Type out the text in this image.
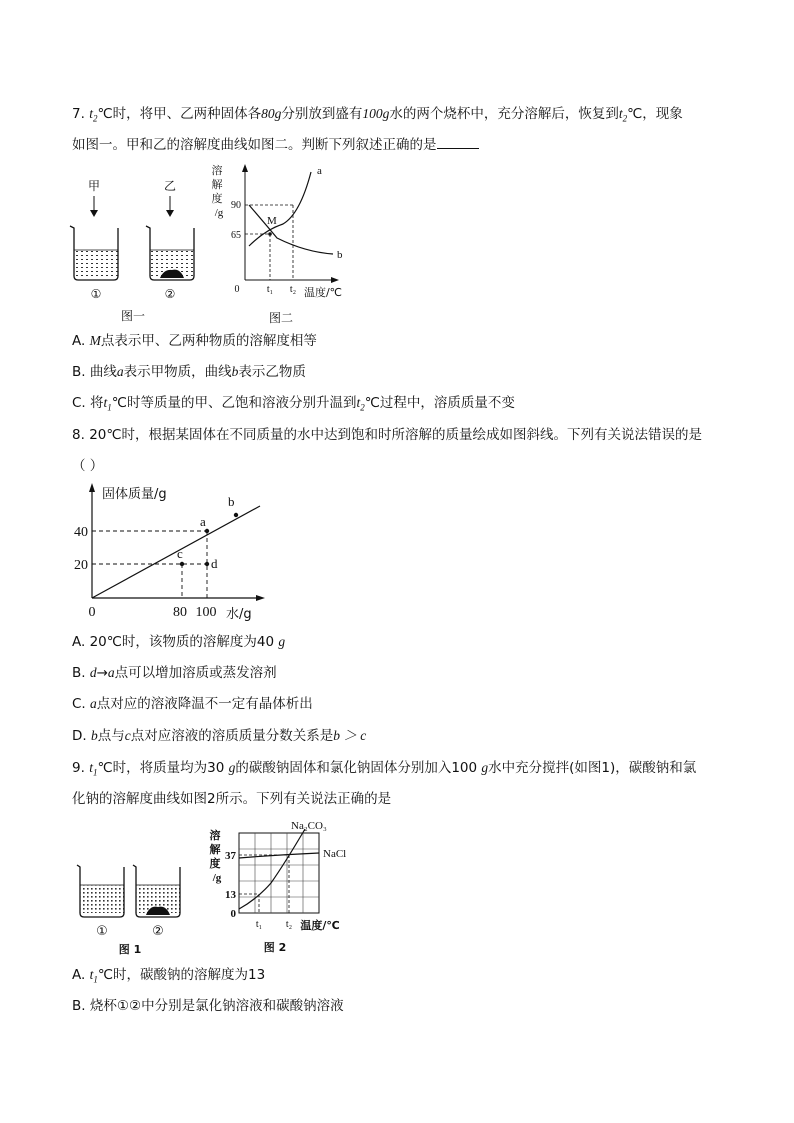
7. $t_2℃$时，将甲、乙两种固体各80g分别放到盛有100g水的两个烧杯中，充分溶解后，恢复到$t_2℃$，现象
如图一。甲和乙的溶解度曲线如图二。判断下列叙述正确的是
甲	乙
①	②
图一
溶
解
度
/g
M
a
b
90
65
0	t₁ t₂ 温度/℃
图二
A. M点表示甲、乙两种物质的溶解度相等
B. 曲线a表示甲物质，曲线b表示乙物质
C. 将$t_1℃$时等质量的甲、乙饱和溶液分别升温到$t_2℃$过程中，溶质质量不变
8. 20℃时，根据某固体在不同质量的水中达到饱和时所溶解的质量绘成如图斜线。下列有关说法错误的是
（ ）
固体质量/g
水/g
a
b
c
d
40
20
0	80 100
A. 20℃时，该物质的溶解度为40 g
B. d→a点可以增加溶质或蒸发溶剂
C. a点对应的溶液降温不一定有晶体析出
D. b点与c点对应溶液的溶质质量分数关系是b ＞ c
9. $t_1℃$时，将质量均为30 g的碳酸钠固体和氯化钠固体分别加入100 g水中充分搅拌(如图1)，碳酸钠和氯
化钠的溶解度曲线如图2所示。下列有关说法正确的是
①	②
图 1
溶
解
度
/g
Na₂CO₃
NaCl
37
13
0
t₁ t₂ 温度/℃
图 2
A. $t_1℃$时，碳酸钠的溶解度为13
B. 烧杯①②中分别是氯化钠溶液和碳酸钠溶液
